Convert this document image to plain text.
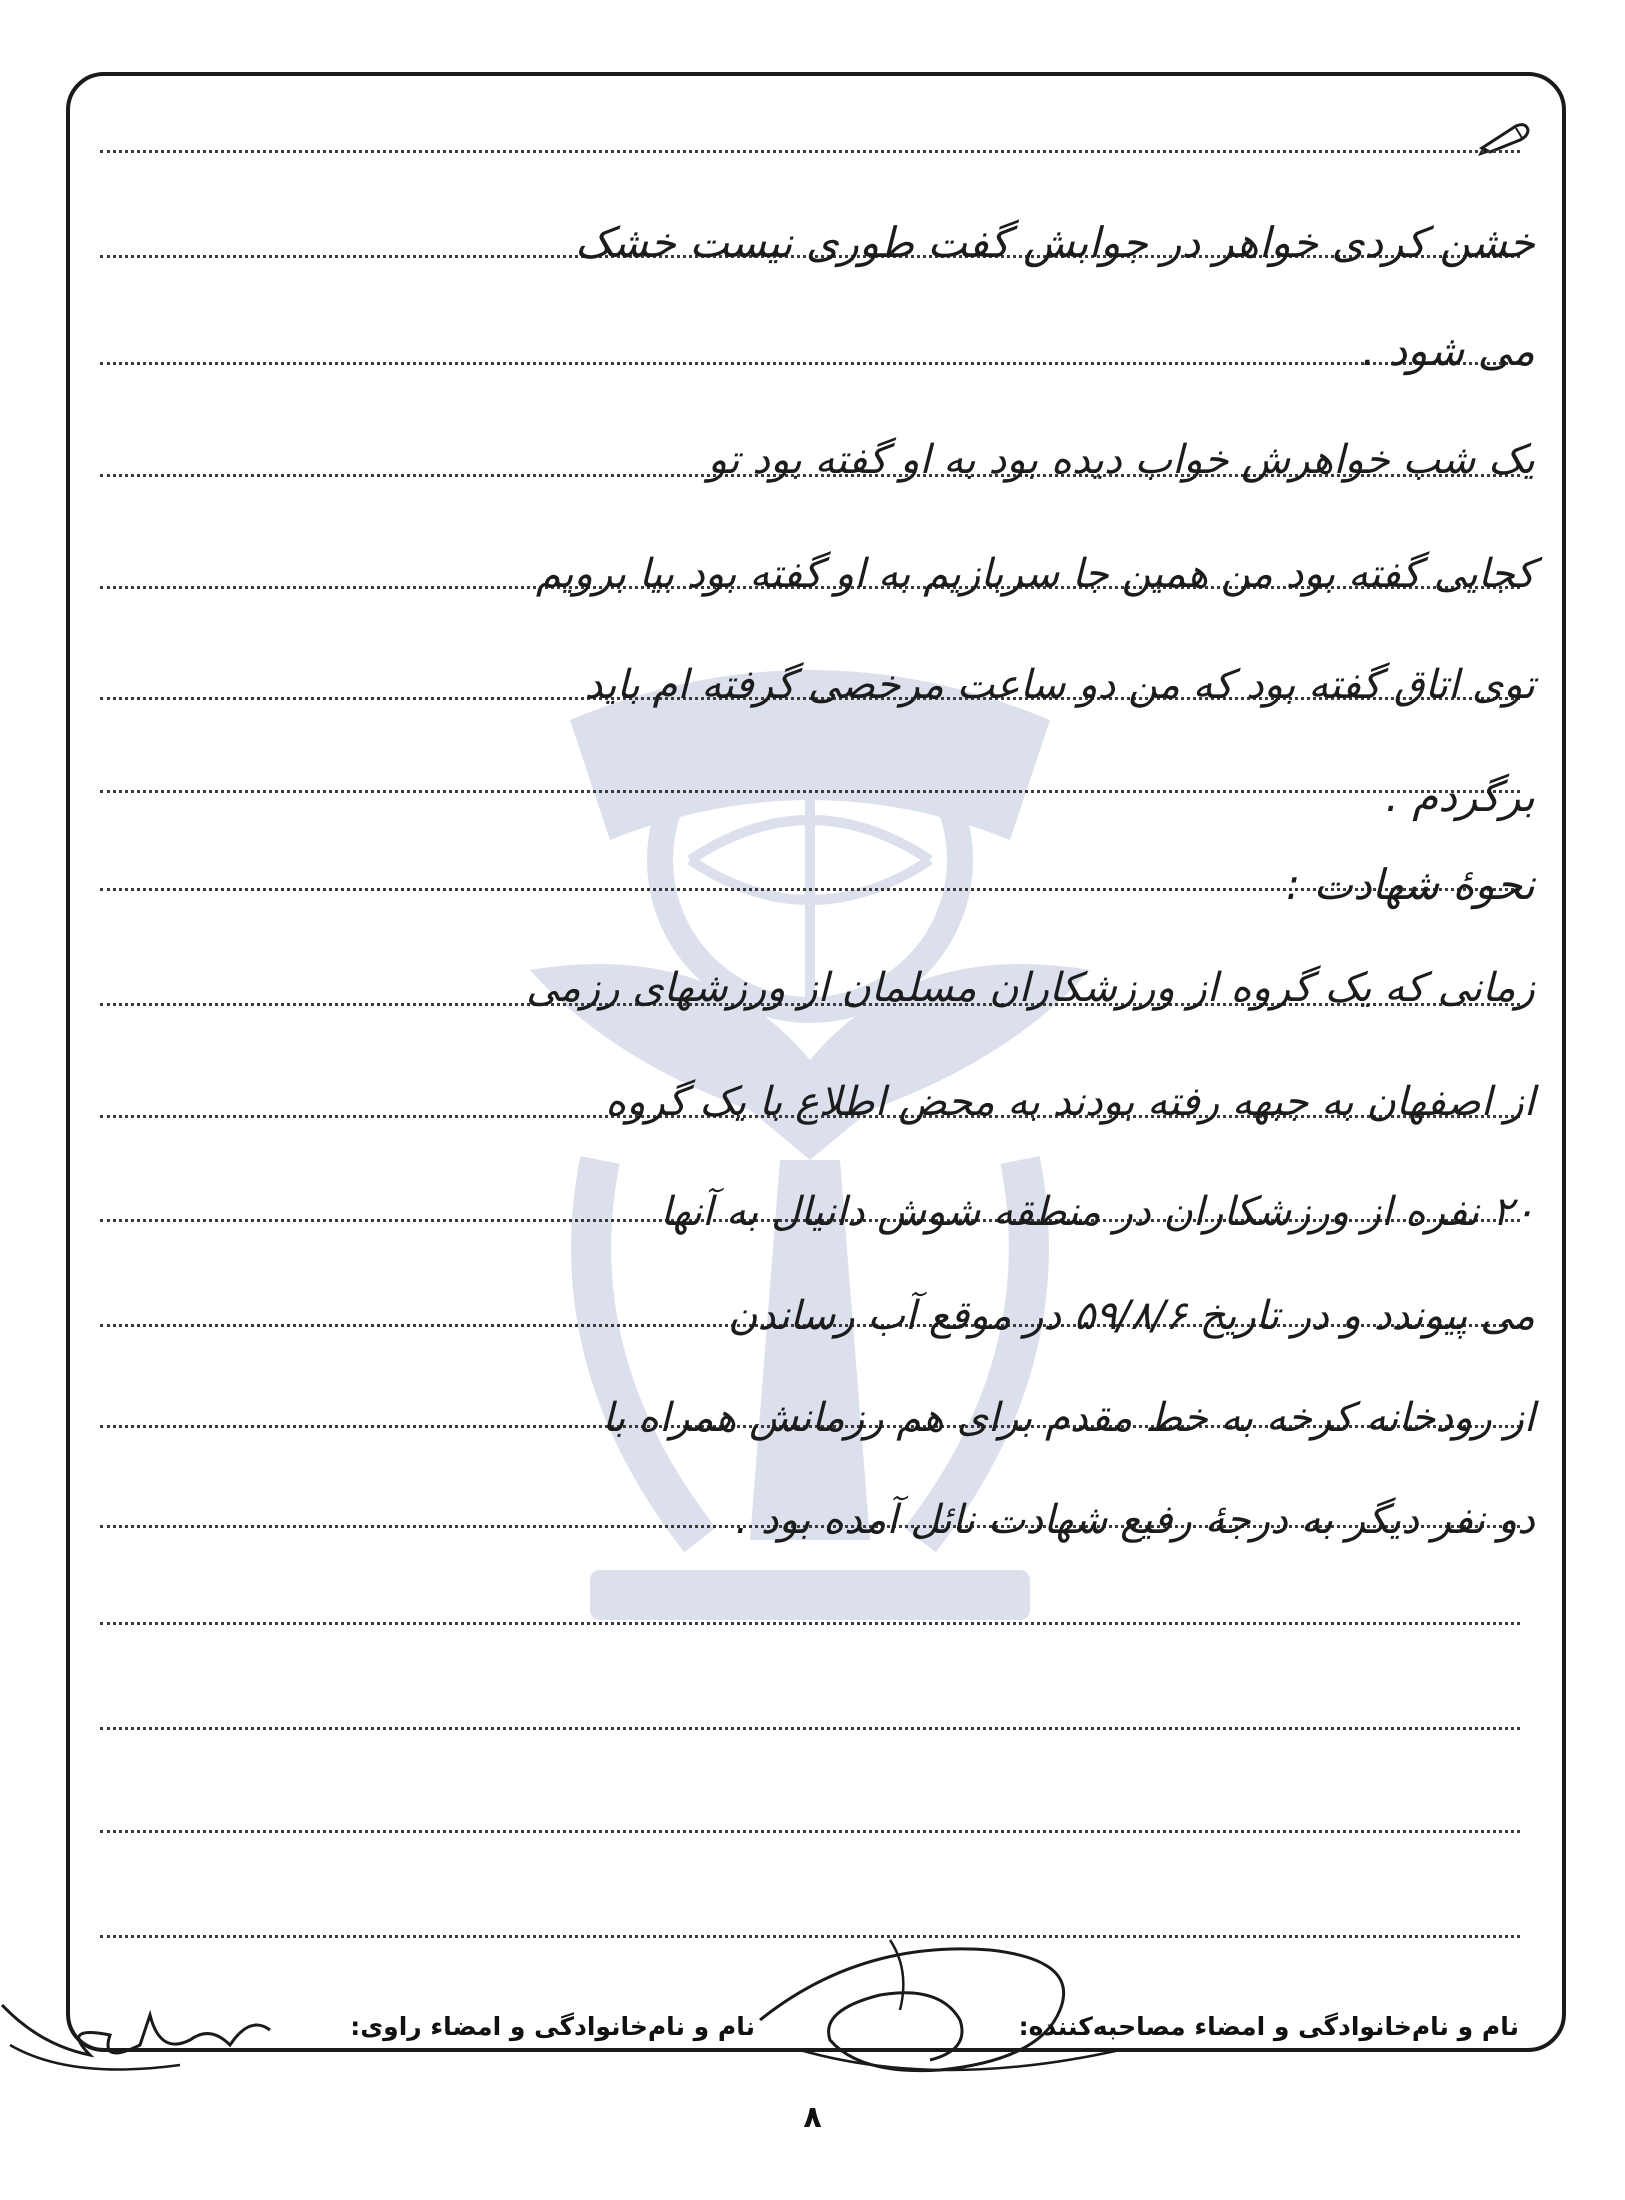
خشن کردی خواهر در جوابش گفت طوری نیست خشک
می شود .
یک شب خواهرش خواب دیده بود به او گفته بود تو
کجایی گفته بود من همین جا سربازیم به او گفته بود بیا برویم
توی اتاق گفته بود که من دو ساعت مرخصی گرفته ام باید
برگردم .
نحوهٔ شهادت :
زمانی که یک گروه از ورزشکاران مسلمان از ورزشهای رزمی
از اصفهان به جبهه رفته بودند به محض اطلاع با یک گروه
۲۰ نفره از ورزشکاران در منطقه شوش دانیال به آنها
می پیوندد و در تاریخ ۵۹/۸/۶ در موقع آب رساندن
از رودخانه کرخه به خط مقدم برای هم رزمانش همراه با
دو نفر دیگر به درجهٔ رفیع شهادت نائل آمده بود .
نام و نام‌خانوادگی و امضاء مصاحبه‌کننده:
نام و نام‌خانوادگی و امضاء راوی:
۸
